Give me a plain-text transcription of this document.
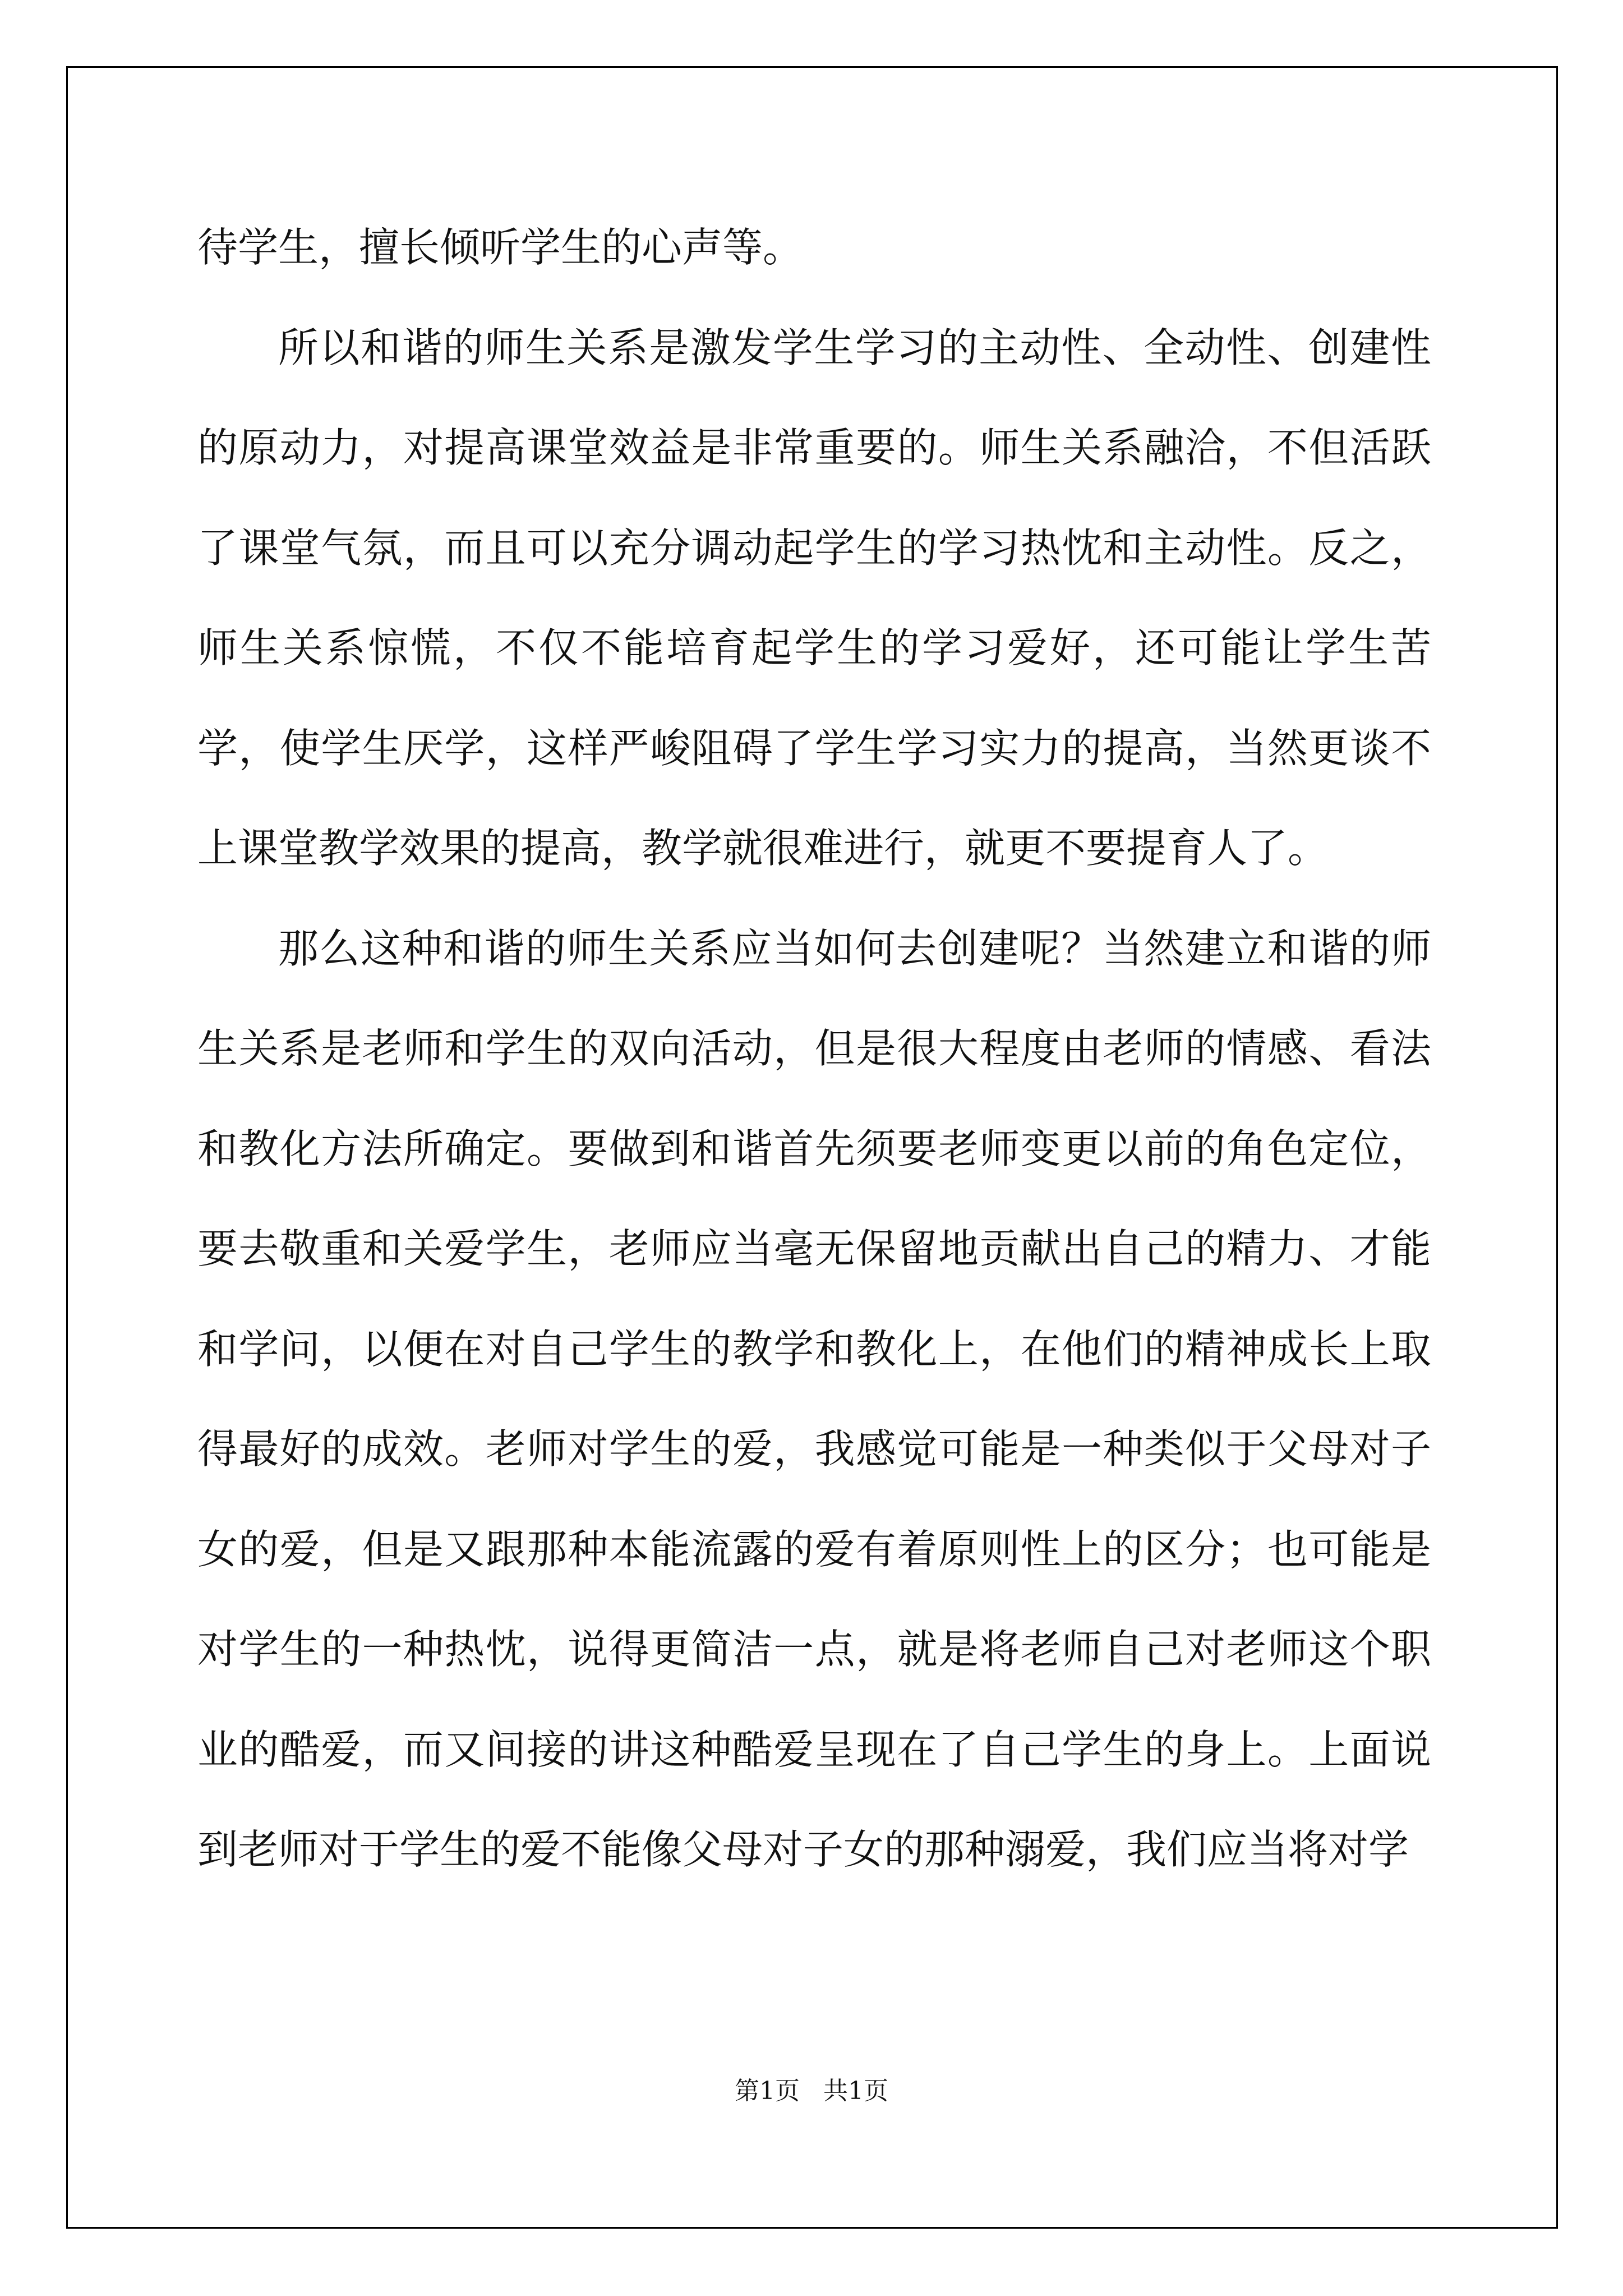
待学生，擅长倾听学生的心声等。

所以和谐的师生关系是激发学生学习的主动性、全动性、创建性的原动力，对提高课堂效益是非常重要的。师生关系融洽，不但活跃了课堂气氛，而且可以充分调动起学生的学习热忱和主动性。反之，师生关系惊慌，不仅不能培育起学生的学习爱好，还可能让学生苦学，使学生厌学，这样严峻阻碍了学生学习实力的提高，当然更谈不上课堂教学效果的提高，教学就很难进行，就更不要提育人了。

那么这种和谐的师生关系应当如何去创建呢？当然建立和谐的师生关系是老师和学生的双向活动，但是很大程度由老师的情感、看法和教化方法所确定。要做到和谐首先须要老师变更以前的角色定位，要去敬重和关爱学生，老师应当毫无保留地贡献出自己的精力、才能和学问，以便在对自己学生的教学和教化上，在他们的精神成长上取得最好的成效。老师对学生的爱，我感觉可能是一种类似于父母对子女的爱，但是又跟那种本能流露的爱有着原则性上的区分；也可能是对学生的一种热忱，说得更简洁一点，就是将老师自己对老师这个职业的酷爱，而又间接的讲这种酷爱呈现在了自己学生的身上。上面说到老师对于学生的爱不能像父母对子女的那种溺爱，我们应当将对学

第1页   共1页
